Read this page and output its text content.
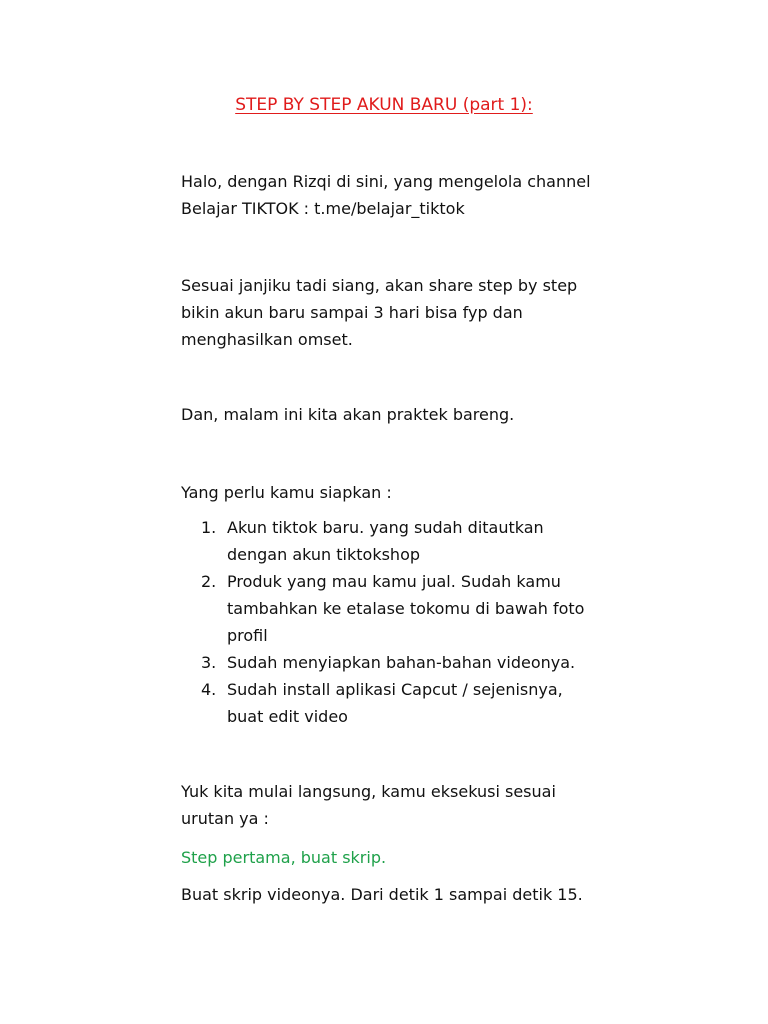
STEP BY STEP AKUN BARU (part 1):

Halo, dengan Rizqi di sini, yang mengelola channel
Belajar TIKTOK : t.me/belajar_tiktok

Sesuai janjiku tadi siang, akan share step by step
bikin akun baru sampai 3 hari bisa fyp dan
menghasilkan omset.

Dan, malam ini kita akan praktek bareng.

Yang perlu kamu siapkan :

1. Akun tiktok baru. yang sudah ditautkan
dengan akun tiktokshop
2. Produk yang mau kamu jual. Sudah kamu
tambahkan ke etalase tokomu di bawah foto
profil
3. Sudah menyiapkan bahan-bahan videonya.
4. Sudah install aplikasi Capcut / sejenisnya,
buat edit video

Yuk kita mulai langsung, kamu eksekusi sesuai
urutan ya :

Step pertama, buat skrip.

Buat skrip videonya. Dari detik 1 sampai detik 15.
